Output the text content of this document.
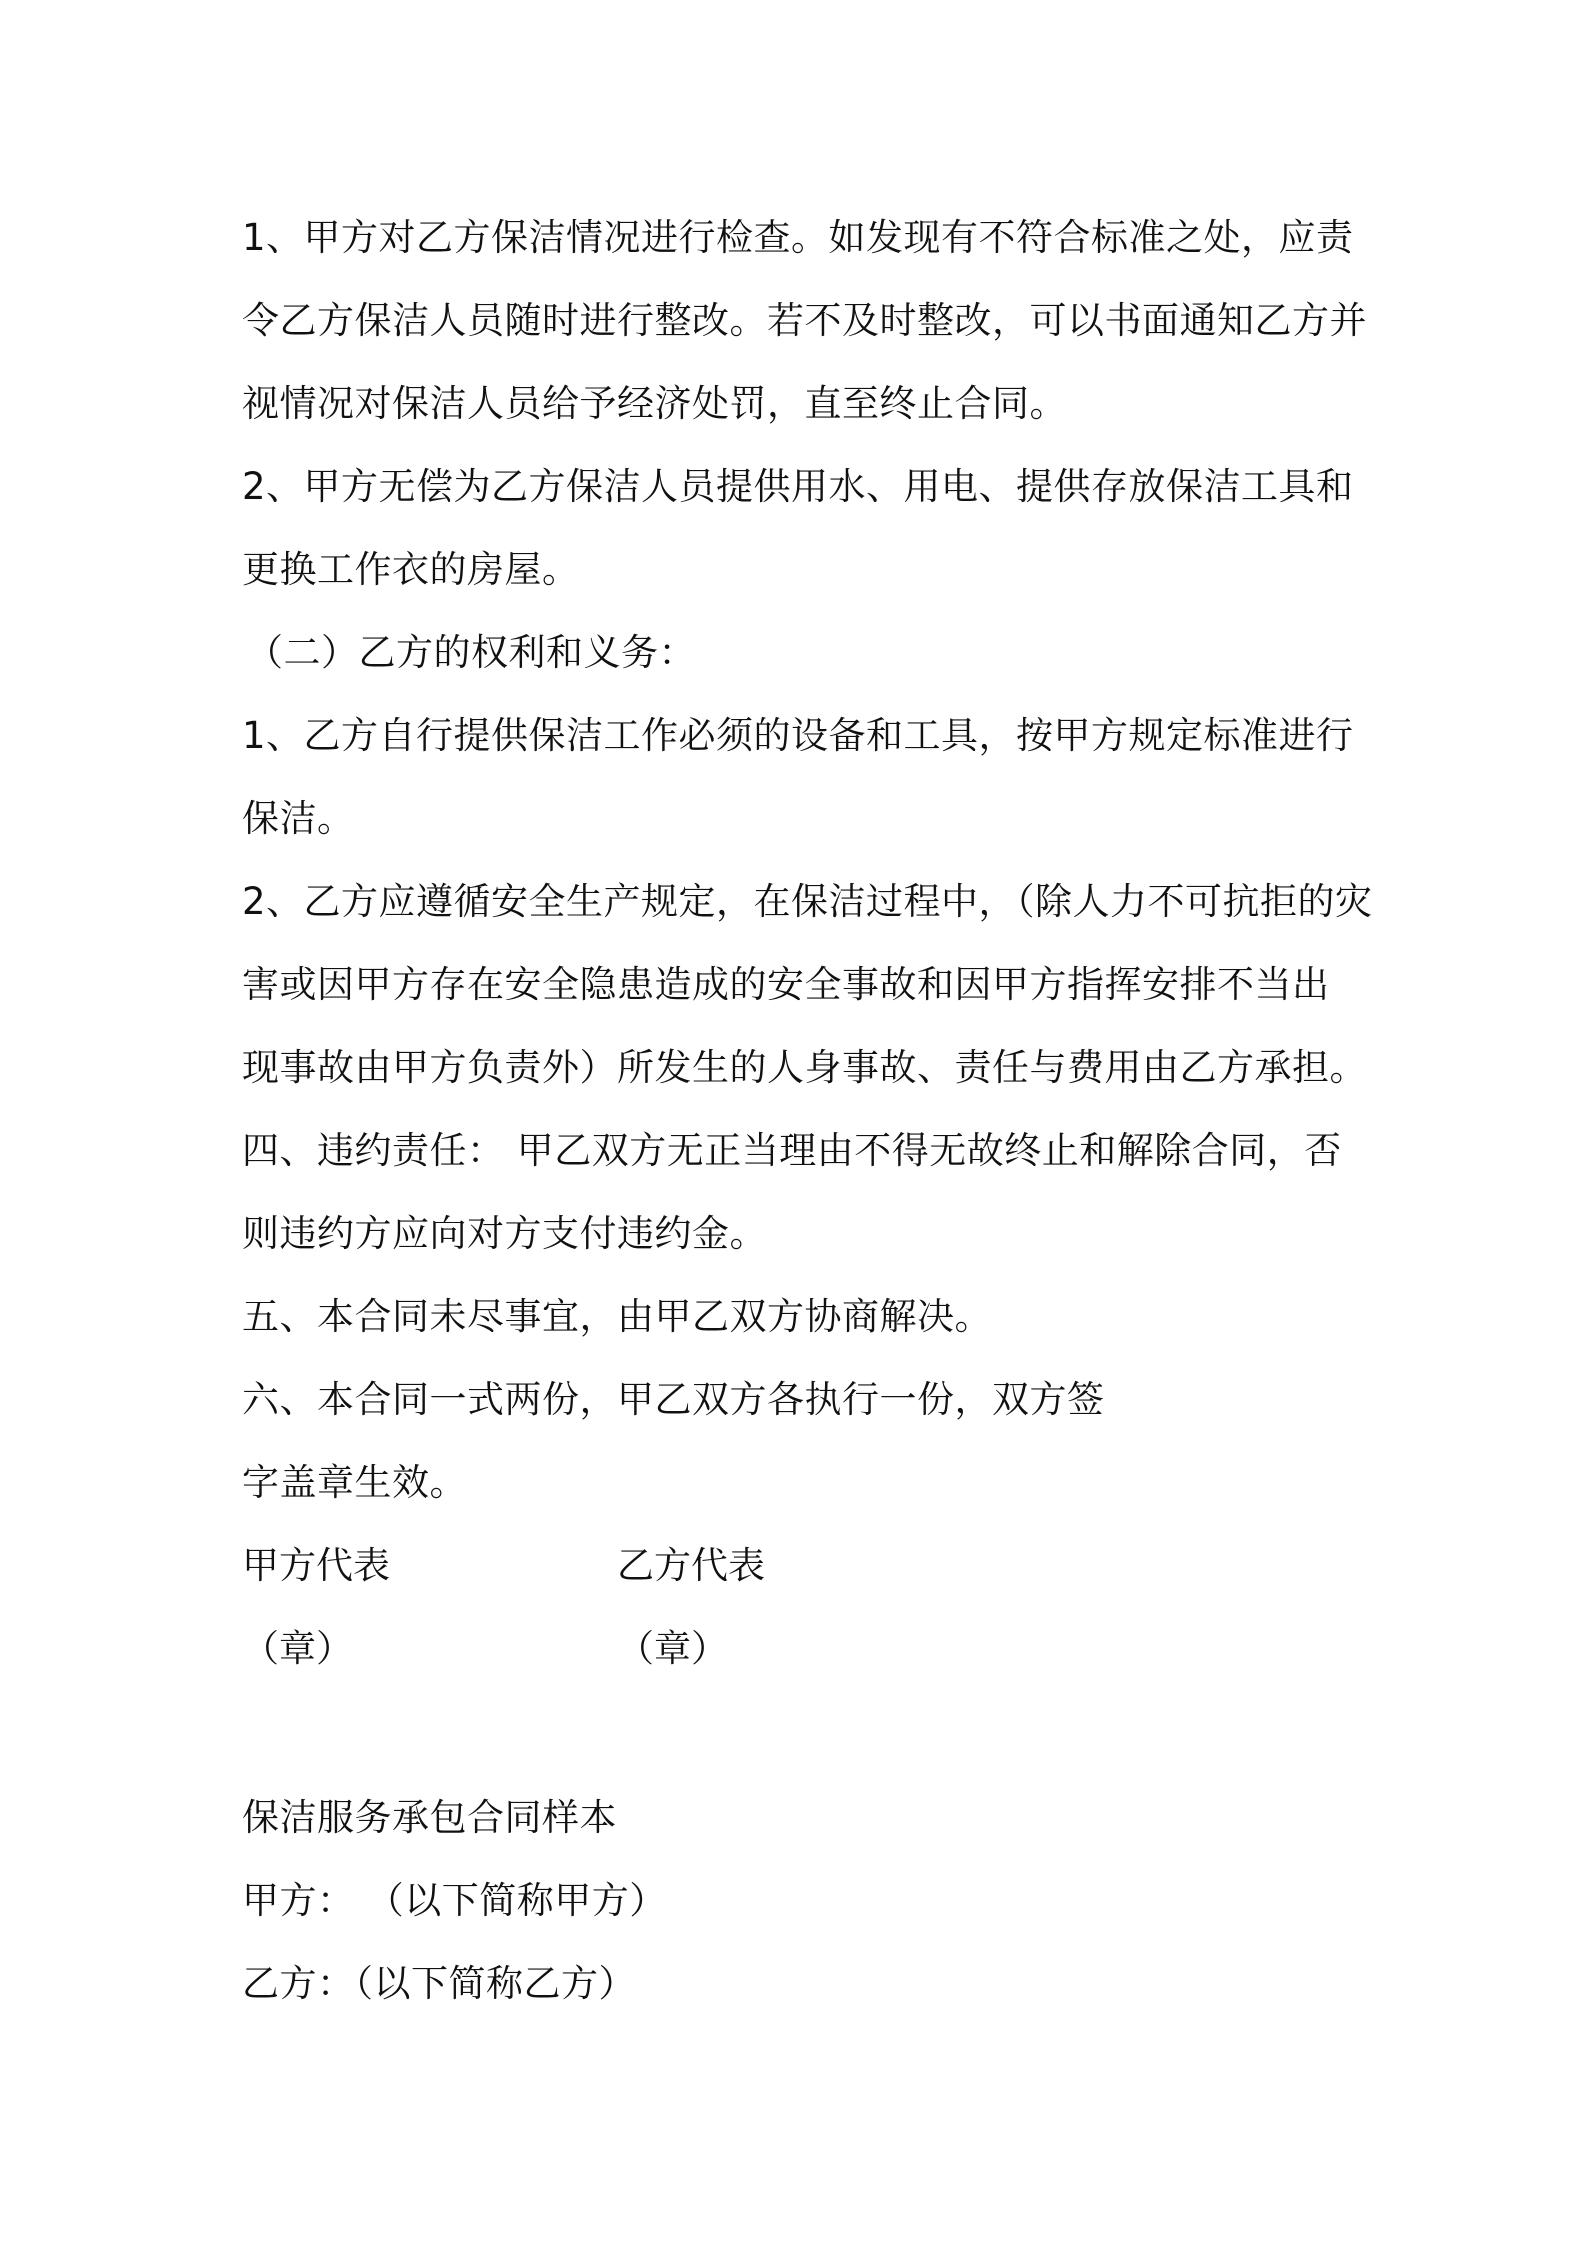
1、甲方对乙方保洁情况进行检查。如发现有不符合标准之处，应责
令乙方保洁人员随时进行整改。若不及时整改，可以书面通知乙方并
视情况对保洁人员给予经济处罚，直至终止合同。
2、甲方无偿为乙方保洁人员提供用水、用电、提供存放保洁工具和
更换工作衣的房屋。
（二）乙方的权利和义务：
1、乙方自行提供保洁工作必须的设备和工具，按甲方规定标准进行
保洁。
2、乙方应遵循安全生产规定，在保洁过程中，（除人力不可抗拒的灾
害或因甲方存在安全隐患造成的安全事故和因甲方指挥安排不当出
现事故由甲方负责外）所发生的人身事故、责任与费用由乙方承担。
四、违约责任： 甲乙双方无正当理由不得无故终止和解除合同，否
则违约方应向对方支付违约金。
五、本合同未尽事宜，由甲乙双方协商解决。
六、本合同一式两份，甲乙双方各执行一份，双方签
字盖章生效。
甲方代表	乙方代表
（章）	（章）
保洁服务承包合同样本
甲方： （以下简称甲方）
乙方：（以下简称乙方）
